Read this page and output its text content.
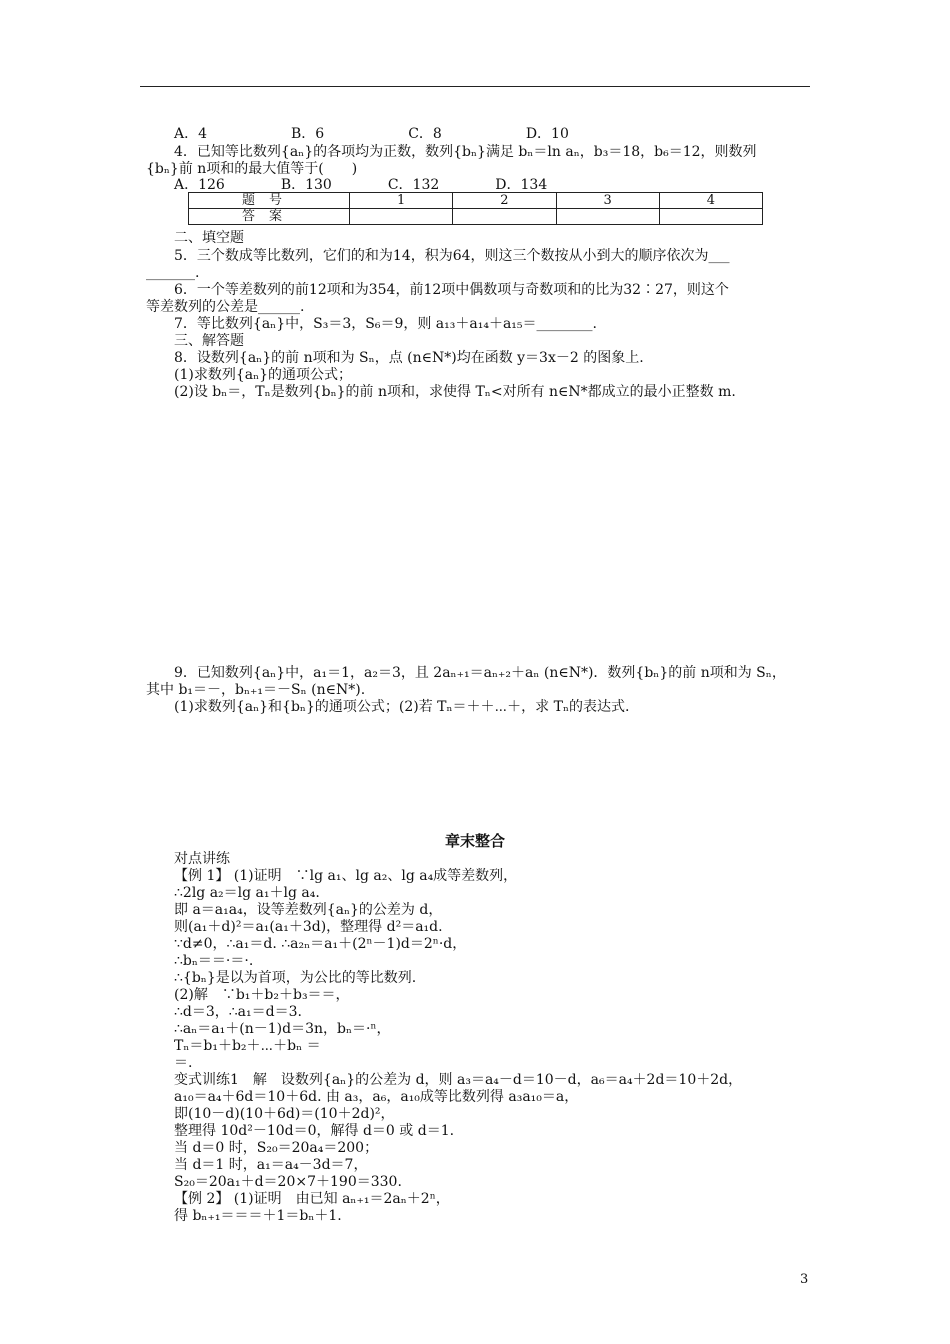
A．4　　　　　　B．6　　　　　　C．8　　　　　　D．10
4．已知等比数列{aₙ}的各项均为正数，数列{bₙ}满足 bₙ＝ln aₙ，b₃＝18，b₆＝12，则数列
{bₙ}前 n项和的最大值等于(　　)
A．126　　　　B．130　　　　C．132　　　　D．134
题号	1	2	3	4
答案				
二、填空题
5．三个数成等比数列，它们的和为14，积为64，则这三个数按从小到大的顺序依次为___
_______.
6．一个等差数列的前12项和为354，前12项中偶数项与奇数项和的比为32∶27，则这个
等差数列的公差是______.
7．等比数列{aₙ}中，S₃＝3，S₆＝9，则 a₁₃＋a₁₄＋a₁₅＝________.
三、解答题
8．设数列{aₙ}的前 n项和为 Sₙ，点 (n∈N*)均在函数 y＝3x－2 的图象上.
(1)求数列{aₙ}的通项公式；
(2)设 bₙ＝，Tₙ是数列{bₙ}的前 n项和，求使得 Tₙ<对所有 n∈N*都成立的最小正整数 m.
9．已知数列{aₙ}中，a₁＝1，a₂＝3，且 2aₙ₊₁＝aₙ₊₂＋aₙ (n∈N*)．数列{bₙ}的前 n项和为 Sₙ，
其中 b₁＝－，bₙ₊₁＝－Sₙ (n∈N*).
(1)求数列{aₙ}和{bₙ}的通项公式；(2)若 Tₙ＝＋＋⋯＋，求 Tₙ的表达式.
章末整合
对点讲练
【例 1】 (1)证明　∵lg a₁、lg a₂、lg a₄成等差数列，
∴2lg a₂＝lg a₁＋lg a₄.
即 a＝a₁a₄，设等差数列{aₙ}的公差为 d，
则(a₁＋d)²＝a₁(a₁＋3d)，整理得 d²＝a₁d.
∵d≠0，∴a₁＝d. ∴a₂ₙ＝a₁＋(2ⁿ－1)d＝2ⁿ·d，
∴bₙ＝＝·＝·.
∴{bₙ}是以为首项，为公比的等比数列.
(2)解　∵b₁＋b₂＋b₃＝＝，
∴d＝3，∴a₁＝d＝3.
∴aₙ＝a₁＋(n－1)d＝3n，bₙ＝·ⁿ，
Tₙ＝b₁＋b₂＋⋯＋bₙ ＝
＝.
变式训练1　解　设数列{aₙ}的公差为 d，则 a₃＝a₄－d＝10－d，a₆＝a₄＋2d＝10＋2d，
a₁₀＝a₄＋6d＝10＋6d. 由 a₃，a₆，a₁₀成等比数列得 a₃a₁₀＝a，
即(10－d)(10＋6d)＝(10＋2d)²，
整理得 10d²－10d＝0，解得 d＝0 或 d＝1.
当 d＝0 时，S₂₀＝20a₄＝200；
当 d＝1 时，a₁＝a₄－3d＝7，
S₂₀＝20a₁＋d＝20×7＋190＝330.
【例 2】 (1)证明　由已知 aₙ₊₁＝2aₙ＋2ⁿ，
得 bₙ₊₁＝＝＝＋1＝bₙ＋1.
3
